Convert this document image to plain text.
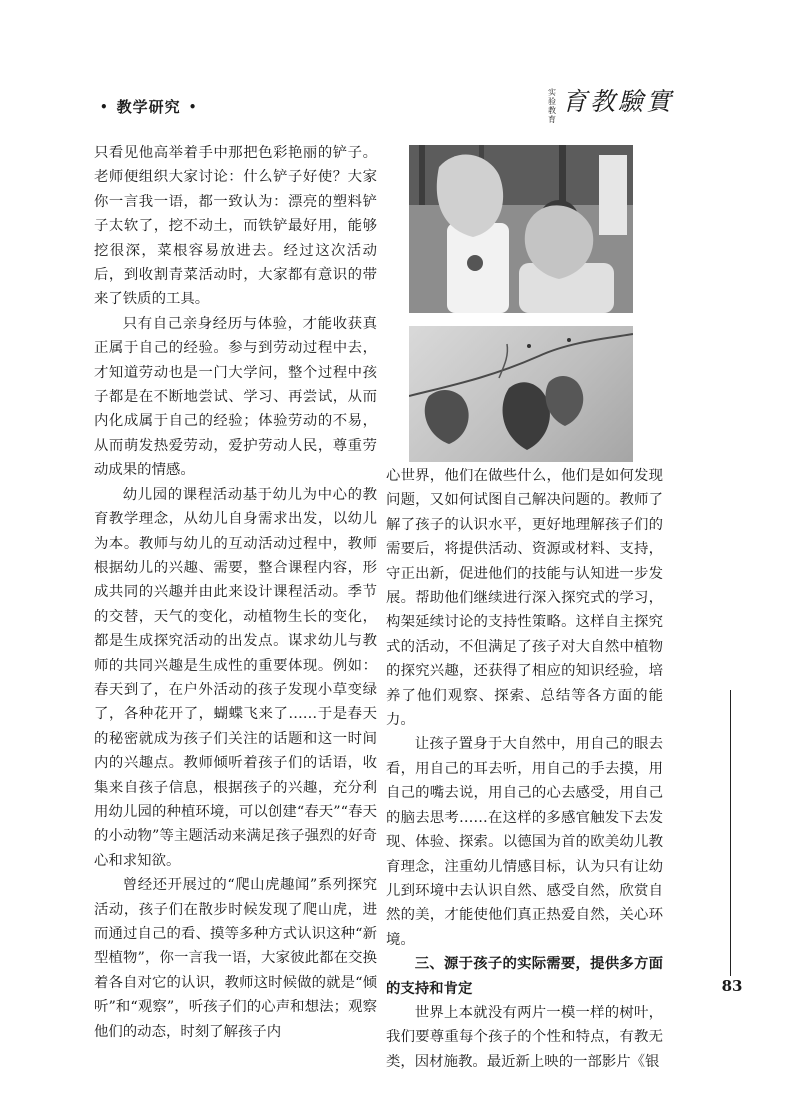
• 教学研究 •
实验教育
育教驗實

只看见他高举着手中那把色彩艳丽的铲子。老师便组织大家讨论：什么铲子好使？大家你一言我一语，都一致认为：漂亮的塑料铲子太软了，挖不动土，而铁铲最好用，能够挖很深，菜根容易放进去。经过这次活动后，到收割青菜活动时，大家都有意识的带来了铁质的工具。

只有自己亲身经历与体验，才能收获真正属于自己的经验。参与到劳动过程中去，才知道劳动也是一门大学问，整个过程中孩子都是在不断地尝试、学习、再尝试，从而内化成属于自己的经验；体验劳动的不易，从而萌发热爱劳动，爱护劳动人民，尊重劳动成果的情感。

幼儿园的课程活动基于幼儿为中心的教育教学理念，从幼儿自身需求出发，以幼儿为本。教师与幼儿的互动活动过程中，教师根据幼儿的兴趣、需要，整合课程内容，形成共同的兴趣并由此来设计课程活动。季节的交替，天气的变化，动植物生长的变化，都是生成探究活动的出发点。谋求幼儿与教师的共同兴趣是生成性的重要体现。例如：春天到了，在户外活动的孩子发现小草变绿了，各种花开了，蝴蝶飞来了……于是春天的秘密就成为孩子们关注的话题和这一时间内的兴趣点。教师倾听着孩子们的话语，收集来自孩子信息，根据孩子的兴趣，充分利用幼儿园的种植环境，可以创建“春天”“春天的小动物”等主题活动来满足孩子强烈的好奇心和求知欲。

曾经还开展过的“爬山虎趣闻”系列探究活动，孩子们在散步时候发现了爬山虎，进而通过自己的看、摸等多种方式认识这种“新型植物”，你一言我一语，大家彼此都在交换着各自对它的认识，教师这时候做的就是“倾听”和“观察”，听孩子们的心声和想法；观察他们的动态，时刻了解孩子内

心世界，他们在做些什么，他们是如何发现问题，又如何试图自己解决问题的。教师了解了孩子的认识水平，更好地理解孩子们的需要后，将提供活动、资源或材料、支持，守正出新，促进他们的技能与认知进一步发展。帮助他们继续进行深入探究式的学习，构架延续讨论的支持性策略。这样自主探究式的活动，不但满足了孩子对大自然中植物的探究兴趣，还获得了相应的知识经验，培养了他们观察、探索、总结等各方面的能力。

让孩子置身于大自然中，用自己的眼去看，用自己的耳去听，用自己的手去摸，用自己的嘴去说，用自己的心去感受，用自己的脑去思考……在这样的多感官触发下去发现、体验、探索。以德国为首的欧美幼儿教育理念，注重幼儿情感目标，认为只有让幼儿到环境中去认识自然、感受自然，欣赏自然的美，才能使他们真正热爱自然，关心环境。

三、源于孩子的实际需要，提供多方面的支持和肯定

世界上本就没有两片一模一样的树叶，我们要尊重每个孩子的个性和特点，有教无类，因材施教。最近新上映的一部影片《银

83
